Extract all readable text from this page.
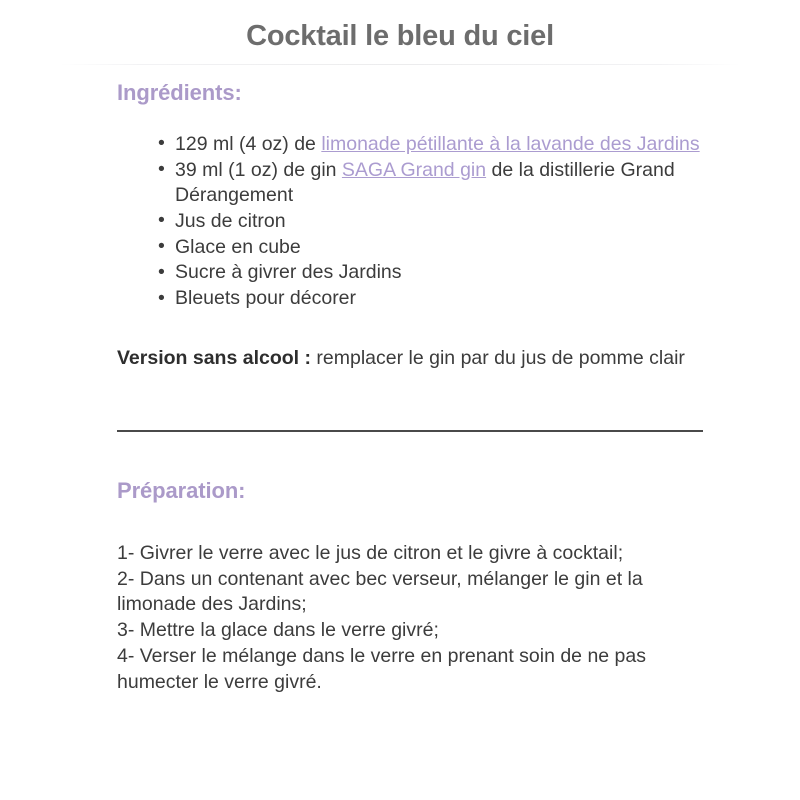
Cocktail le bleu du ciel
Ingrédients:
• 129 ml (4 oz) de limonade pétillante à la lavande des Jardins
• 39 ml (1 oz) de gin SAGA Grand gin de la distillerie Grand Dérangement
• Jus de citron
• Glace en cube
• Sucre à givrer des Jardins
• Bleuets pour décorer

Version sans alcool : remplacer le gin par du jus de pomme clair

Préparation:

1- Givrer le verre avec le jus de citron et le givre à cocktail;

2- Dans un contenant avec bec verseur, mélanger le gin et la limonade des Jardins;

3- Mettre la glace dans le verre givré;

4- Verser le mélange dans le verre en prenant soin de ne pas humecter le verre givré.
